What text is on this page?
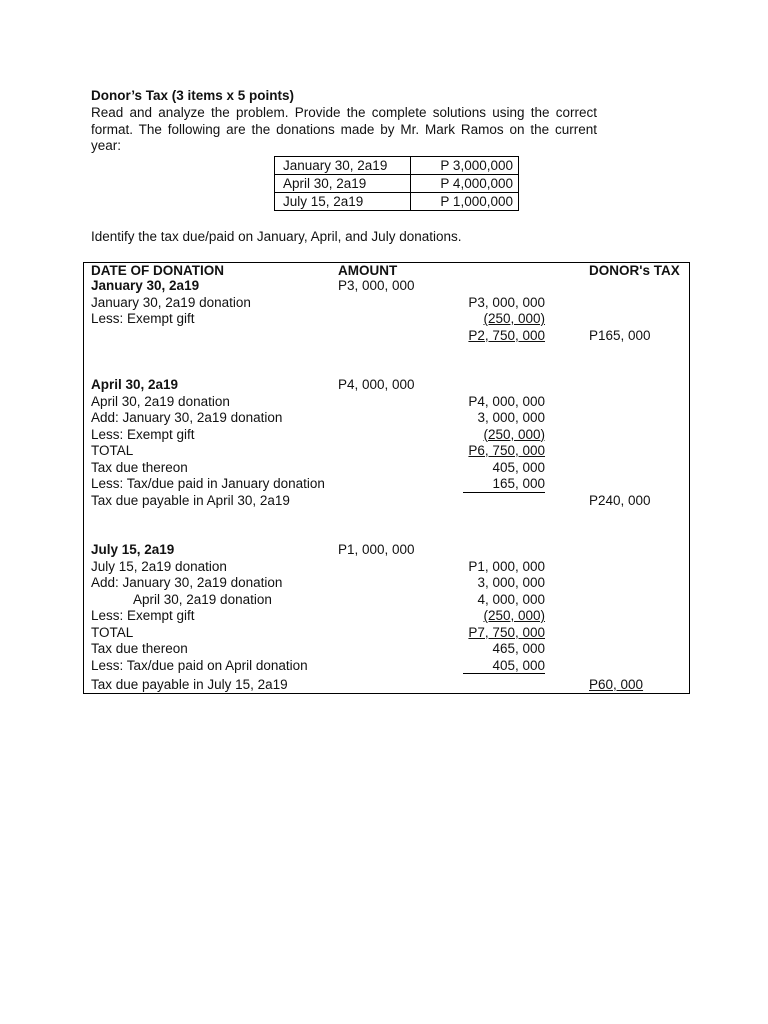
Donor’s Tax (3 items x 5 points)
Read and analyze the problem. Provide the complete solutions using the correct format. The following are the donations made by Mr. Mark Ramos on the current year:
January 30, 2a19	P 3,000,000
April 30, 2a19	P 4,000,000
July 15, 2a19	P 1,000,000
Identify the tax due/paid on January, April, and July donations.
DATE OF DONATION	AMOUNT	DONOR's TAX
January 30, 2a19	P3, 000, 000
January 30, 2a19 donation	P3, 000, 000
Less: Exempt gift	(250, 000)
P2, 750, 000	P165, 000
April 30, 2a19	P4, 000, 000
April 30, 2a19 donation	P4, 000, 000
Add: January 30, 2a19 donation	3, 000, 000
Less: Exempt gift	(250, 000)
TOTAL	P6, 750, 000
Tax due thereon	405, 000
Less: Tax/due paid in January donation	165, 000
Tax due payable in April 30, 2a19	P240, 000
July 15, 2a19	P1, 000, 000
July 15, 2a19 donation	P1, 000, 000
Add: January 30, 2a19 donation	3, 000, 000
April 30, 2a19 donation	4, 000, 000
Less: Exempt gift	(250, 000)
TOTAL	P7, 750, 000
Tax due thereon	465, 000
Less: Tax/due paid on April donation	405, 000
Tax due payable in July 15, 2a19	P60, 000
